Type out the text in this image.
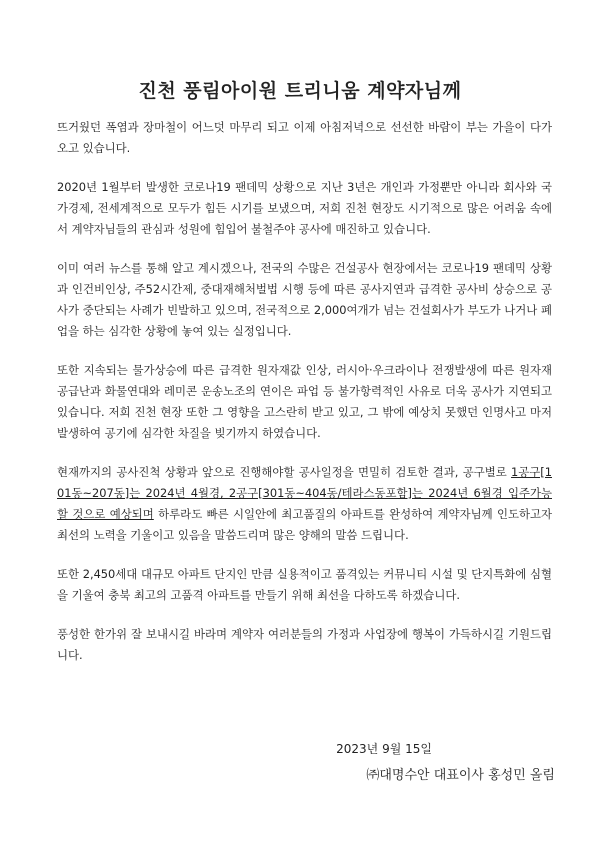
진천 풍림아이원 트리니움 계약자님께

뜨거웠던 폭염과 장마철이 어느덧 마무리 되고 이제 아침저녁으로 선선한 바람이 부는 가을이 다가 오고 있습니다.

2020년 1월부터 발생한 코로나19 팬데믹 상황으로 지난 3년은 개인과 가정뿐만 아니라 회사와 국가경제, 전세계적으로 모두가 힘든 시기를 보냈으며, 저희 진천 현장도 시기적으로 많은 어려움 속에서 계약자님들의 관심과 성원에 힘입어 불철주야 공사에 매진하고 있습니다.

이미 여러 뉴스를 통해 알고 계시겠으나, 전국의 수많은 건설공사 현장에서는 코로나19 팬데믹 상황과 인건비인상, 주52시간제, 중대재해처벌법 시행 등에 따른 공사지연과 급격한 공사비 상승으로 공사가 중단되는 사례가 빈발하고 있으며, 전국적으로 2,000여개가 넘는 건설회사가 부도가 나거나 폐업을 하는 심각한 상황에 놓여 있는 실정입니다.

또한 지속되는 물가상승에 따른 급격한 원자재값 인상, 러시아·우크라이나 전쟁발생에 따른 원자재 공급난과 화물연대와 레미콘 운송노조의 연이은 파업 등 불가항력적인 사유로 더욱 공사가 지연되고 있습니다. 저희 진천 현장 또한 그 영향을 고스란히 받고 있고, 그 밖에 예상치 못했던 인명사고 마저 발생하여 공기에 심각한 차질을 빚기까지 하였습니다.

현재까지의 공사진척 상황과 앞으로 진행해야할 공사일정을 면밀히 검토한 결과, 공구별로 1공구[101동~207동]는 2024년 4월경, 2공구[301동~404동/테라스동포함]는 2024년 6월경 입주가능 할 것으로 예상되며 하루라도 빠른 시일안에 최고품질의 아파트를 완성하여 계약자님께 인도하고자 최선의 노력을 기울이고 있음을 말씀드리며 많은 양해의 말씀 드립니다.

또한 2,450세대 대규모 아파트 단지인 만큼 실용적이고 품격있는 커뮤니티 시설 및 단지특화에 심혈을 기울여 충북 최고의 고품격 아파트를 만들기 위해 최선을 다하도록 하겠습니다.

풍성한 한가위 잘 보내시길 바라며 계약자 여러분들의 가정과 사업장에 행복이 가득하시길 기원드립니다.

2023년 9월 15일
㈜대명수안 대표이사 홍성민 올림
